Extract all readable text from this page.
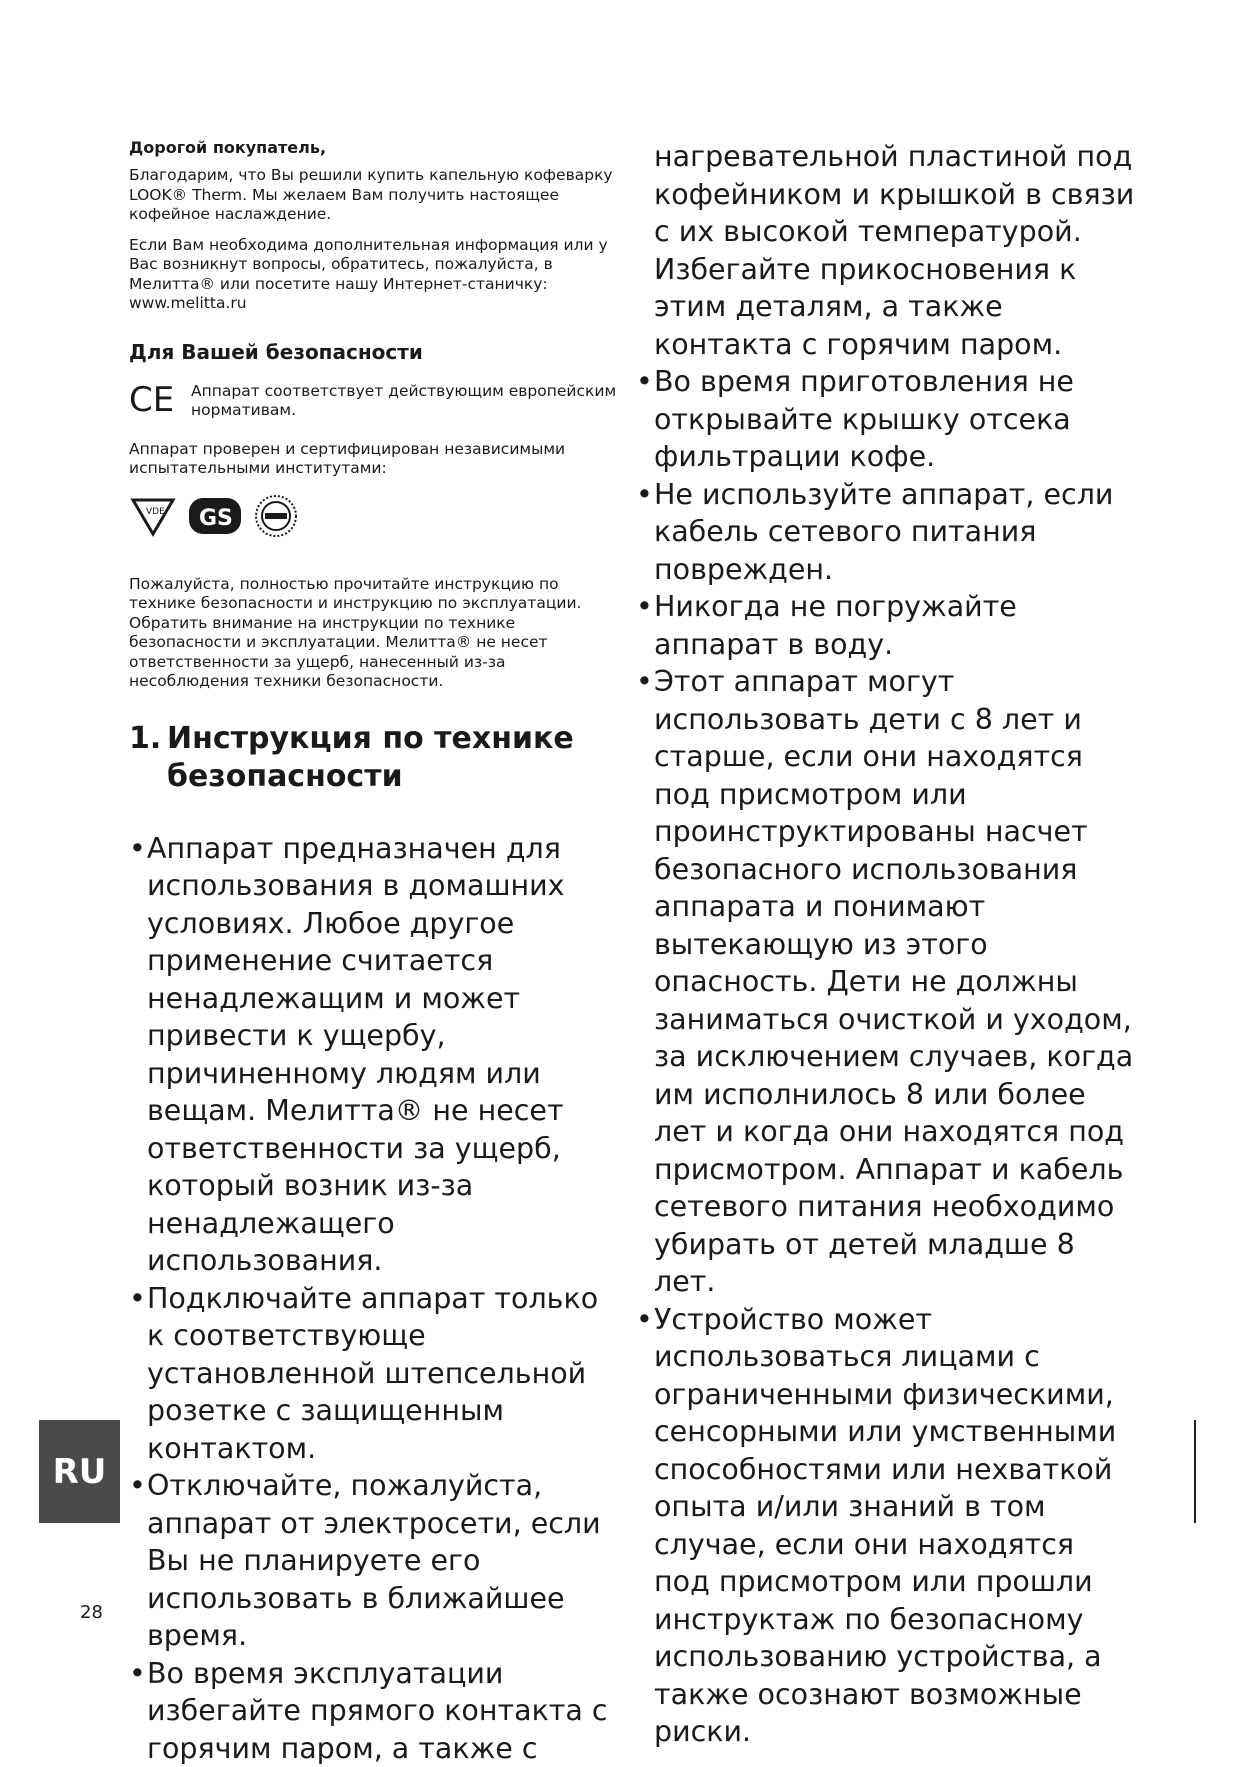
Дорогой покупатель,

Благодарим, что Вы решили купить капельную кофеварку LOOK® Therm. Мы желаем Вам получить настоящее кофейное наслаждение.

Если Вам необходима дополнительная информация или у Вас возникнут вопросы, обратитесь, пожалуйста, в Мелитта® или посетите нашу Интернет-станичку: www.melitta.ru

Для Вашей безопасности

CE Аппарат соответствует действующим европейским нормативам.

Аппарат проверен и сертифицирован независимыми испытательными институтами:

VDE GS

Пожалуйста, полностью прочитайте инструкцию по технике безопасности и инструкцию по эксплуатации. Обратить внимание на инструкции по технике безопасности и эксплуатации. Мелитта® не несет ответственности за ущерб, нанесенный из-за несоблюдения техники безопасности.

1. Инструкция по технике безопасности

• Аппарат предназначен для использования в домашних условиях. Любое другое применение считается ненадлежащим и может привести к ущербу, причиненному людям или вещам. Мелитта® не несет ответственности за ущерб, который возник из-за ненадлежащего использования.

• Подключайте аппарат только к соответствующе установленной штепсельной розетке с защищенным контактом.

• Отключайте, пожалуйста, аппарат от электросети, если Вы не планируете его использовать в ближайшее время.

• Во время эксплуатации избегайте прямого контакта с горячим паром, а также с

нагревательной пластиной под кофейником и крышкой в связи с их высокой температурой. Избегайте прикосновения к этим деталям, а также контакта с горячим паром.

• Во время приготовления не открывайте крышку отсека фильтрации кофе.

• Не используйте аппарат, если кабель сетевого питания поврежден.

• Никогда не погружайте аппарат в воду.

• Этот аппарат могут использовать дети с 8 лет и старше, если они находятся под присмотром или проинструктированы насчет безопасного использования аппарата и понимают вытекающую из этого опасность. Дети не должны заниматься очисткой и уходом, за исключением случаев, когда им исполнилось 8 или более лет и когда они находятся под присмотром. Аппарат и кабель сетевого питания необходимо убирать от детей младше 8 лет.

• Устройство может использоваться лицами с ограниченными физическими, сенсорными или умственными способностями или нехваткой опыта и/или знаний в том случае, если они находятся под присмотром или прошли инструктаж по безопасному использованию устройства, а также осознают возможные риски.

RU
28
